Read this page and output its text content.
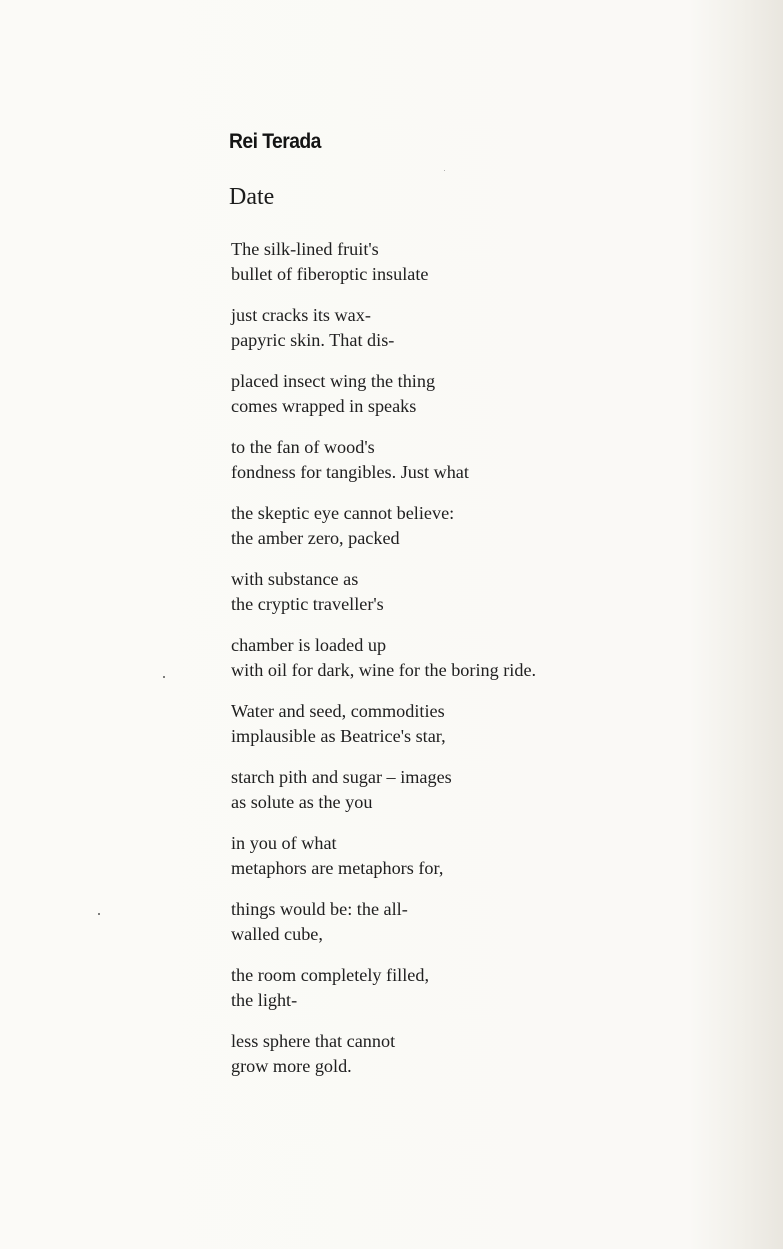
Rei Terada
Date
The silk-lined fruit's
bullet of fiberoptic insulate
just cracks its wax-
papyric skin. That dis-
placed insect wing the thing
comes wrapped in speaks
to the fan of wood's
fondness for tangibles. Just what
the skeptic eye cannot believe:
the amber zero, packed
with substance as
the cryptic traveller's
chamber is loaded up
with oil for dark, wine for the boring ride.
Water and seed, commodities
implausible as Beatrice's star,
starch pith and sugar – images
as solute as the you
in you of what
metaphors are metaphors for,
things would be: the all-
walled cube,
the room completely filled,
the light-
less sphere that cannot
grow more gold.
